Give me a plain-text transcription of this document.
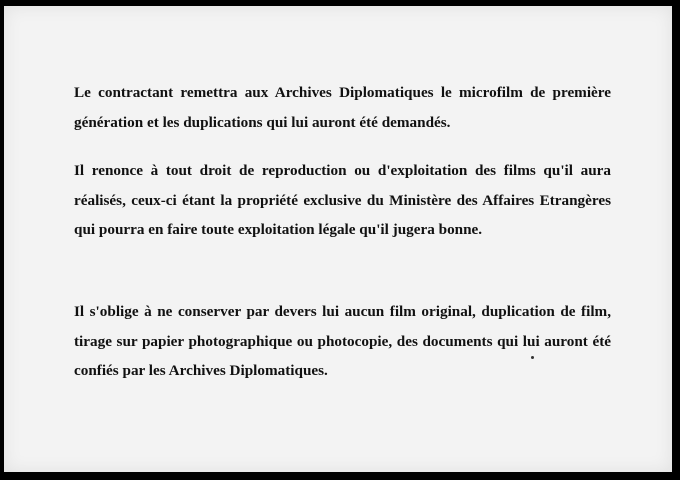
Le contractant remettra aux Archives Diplomatiques le microfilm de première génération et les duplications qui lui auront été demandés.

Il renonce à tout droit de reproduction ou d'exploitation des films qu'il aura réalisés, ceux-ci étant la propriété exclusive du Ministère des Affaires Etrangères qui pourra en faire toute exploitation légale qu'il jugera bonne.

Il s'oblige à ne conserver par devers lui aucun film original, duplication de film, tirage sur papier photographique ou photocopie, des documents qui lui auront été confiés par les Archives Diplomatiques.
